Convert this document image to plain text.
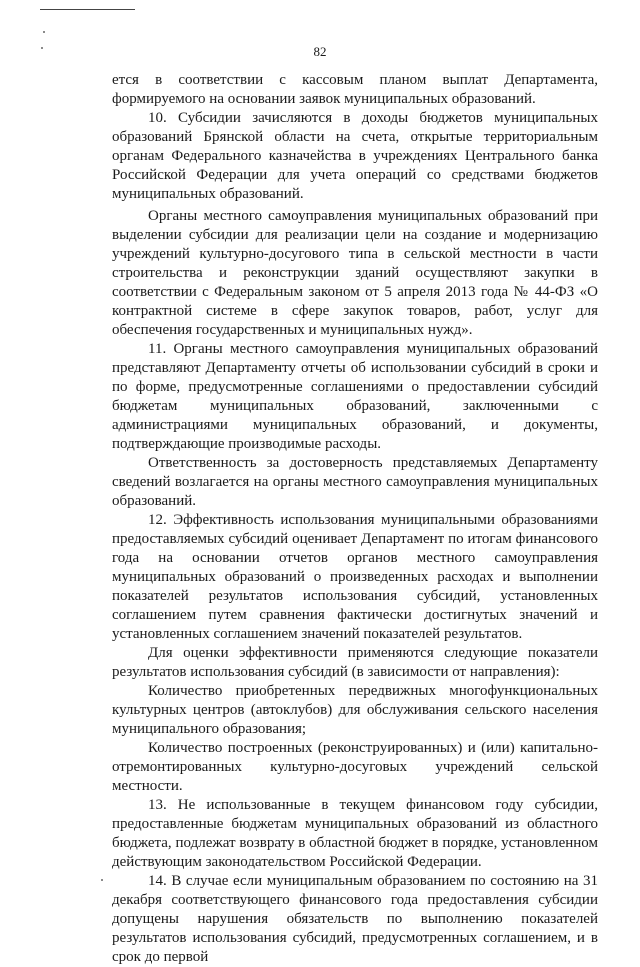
82

ется в соответствии с кассовым планом выплат Департамента, формируемого на основании заявок муниципальных образований.

10. Субсидии зачисляются в доходы бюджетов муниципальных образований Брянской области на счета, открытые территориальным органам Федерального казначейства в учреждениях Центрального банка Российской Федерации для учета операций со средствами бюджетов муниципальных образований.

Органы местного самоуправления муниципальных образований при выделении субсидии для реализации цели на создание и модернизацию учреждений культурно-досугового типа в сельской местности в части строительства и реконструкции зданий осуществляют закупки в соответствии с Федеральным законом от 5 апреля 2013 года № 44-ФЗ «О контрактной системе в сфере закупок товаров, работ, услуг для обеспечения государственных и муниципальных нужд».

11. Органы местного самоуправления муниципальных образований представляют Департаменту отчеты об использовании субсидий в сроки и по форме, предусмотренные соглашениями о предоставлении субсидий бюджетам муниципальных образований, заключенными с администрациями муниципальных образований, и документы, подтверждающие производимые расходы.

Ответственность за достоверность представляемых Департаменту сведений возлагается на органы местного самоуправления муниципальных образований.

12. Эффективность использования муниципальными образованиями предоставляемых субсидий оценивает Департамент по итогам финансового года на основании отчетов органов местного самоуправления муниципальных образований о произведенных расходах и выполнении показателей результатов использования субсидий, установленных соглашением путем сравнения фактически достигнутых значений и установленных соглашением значений показателей результатов.

Для оценки эффективности применяются следующие показатели результатов использования субсидий (в зависимости от направления):

Количество приобретенных передвижных многофункциональных культурных центров (автоклубов) для обслуживания сельского населения муниципального образования;

Количество построенных (реконструированных) и (или) капитально-отремонтированных культурно-досуговых учреждений сельской местности.

13. Не использованные в текущем финансовом году субсидии, предоставленные бюджетам муниципальных образований из областного бюджета, подлежат возврату в областной бюджет в порядке, установленном действующим законодательством Российской Федерации.

14. В случае если муниципальным образованием по состоянию на 31 декабря соответствующего финансового года предоставления субсидии допущены нарушения обязательств по выполнению показателей результатов использования субсидий, предусмотренных соглашением, и в срок до первой
